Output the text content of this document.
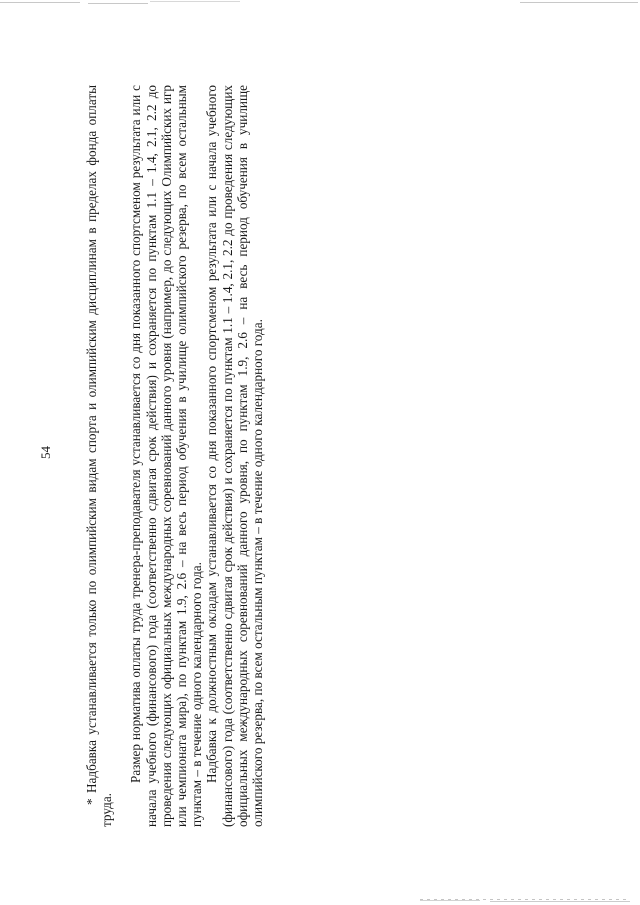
54 * Надбавка устанавливается только по олимпийским видам спорта и олимпийским дисциплинам в пределах фонда оплаты труда.

Размер норматива оплаты труда тренера-преподавателя устанавливается со дня показанного спортсменом результата или с начала учебного (финансового) года (соответственно сдвигая срок действия) и сохраняется по пунктам 1.1 – 1.4, 2.1, 2.2 до проведения следующих официальных международных соревнований данного уровня (например, до следующих Олимпийских игр или чемпионата мира), по пунктам 1.9, 2.6 – на весь период обучения в училище олимпийского резерва, по всем остальным пунктам – в течение одного календарного года. Надбавка к должностным окладам устанавливается со дня показанного спортсменом результата или с начала учебного (финансового) года (соответственно сдвигая срок действия) и сохраняется по пунктам 1.1 – 1.4, 2.1, 2.2 до проведения следующих официальных международных соревнований данного уровня, по пунктам 1.9, 2.6 – на весь период обучения в училище олимпийского резерва, по всем остальным пунктам – в течение одного календарного года.
